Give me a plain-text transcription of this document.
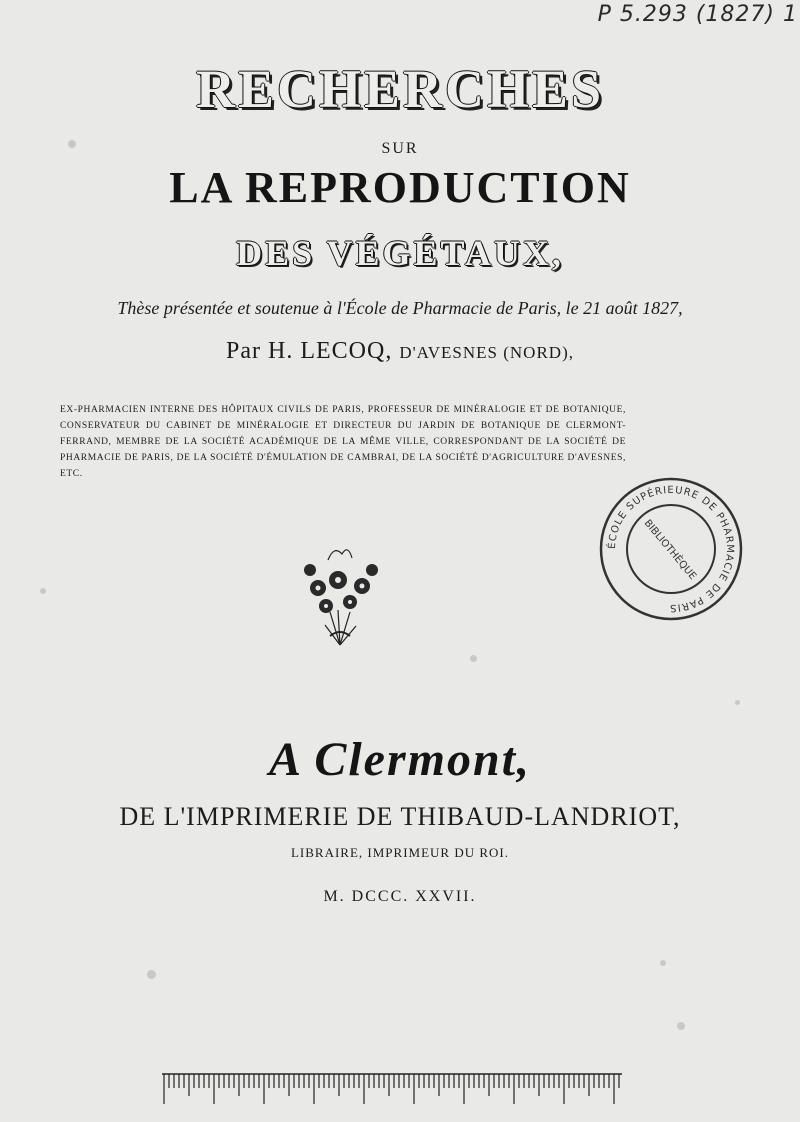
P 5.293 (1827) 1
RECHERCHES
SUR
LA REPRODUCTION
DES VÉGÉTAUX,
Thèse présentée et soutenue à l'École de Pharmacie de Paris, le 21 août 1827,
Par H. LECOQ, D'AVESNES (NORD),
EX-PHARMACIEN INTERNE DES HÔPITAUX CIVILS DE PARIS, PROFESSEUR DE MINÉRALOGIE ET DE BOTANIQUE, CONSERVATEUR DU CABINET DE MINÉRALOGIE ET DIRECTEUR DU JARDIN DE BOTANIQUE DE CLERMONT-FERRAND, MEMBRE DE LA SOCIÉTÉ ACADÉMIQUE DE LA MÊME VILLE, CORRESPONDANT DE LA SOCIÉTÉ DE PHARMACIE DE PARIS, DE LA SOCIÉTÉ D'ÉMULATION DE CAMBRAI, DE LA SOCIÉTÉ D'AGRICULTURE D'AVESNES, ETC.
ÉCOLE SUPÉRIEURE DE PHARMACIE DE PARIS
BIBLIOTHÈQUE
A Clermont,
DE L'IMPRIMERIE DE THIBAUD-LANDRIOT,
LIBRAIRE, IMPRIMEUR DU ROI.
M. DCCC. XXVII.
